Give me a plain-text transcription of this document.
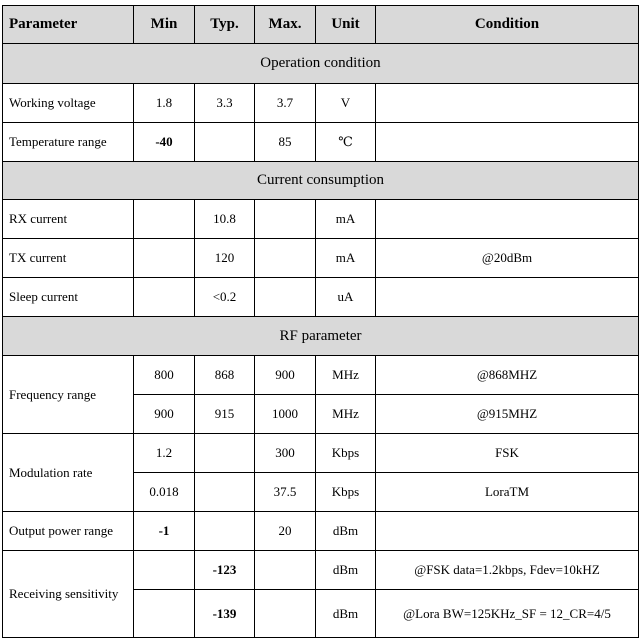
Parameter	Min	Typ.	Max.	Unit	Condition
Operation condition					
Working voltage	1.8	3.3	3.7	V	
Temperature range	-40		85	℃	
Current consumption					
RX current		10.8		mA	
TX current		120		mA	@20dBm
Sleep current		<0.2		uA	
RF parameter					
Frequency range	800	868	900	MHz	@868MHZ
	900	915	1000	MHz	@915MHZ
Modulation rate	1.2		300	Kbps	FSK
	0.018		37.5	Kbps	LoraTM
Output power range	-1		20	dBm	
Receiving sensitivity		-123		dBm	@FSK data=1.2kbps, Fdev=10kHZ
		-139		dBm	@Lora BW=125KHz_SF = 12_CR=4/5
